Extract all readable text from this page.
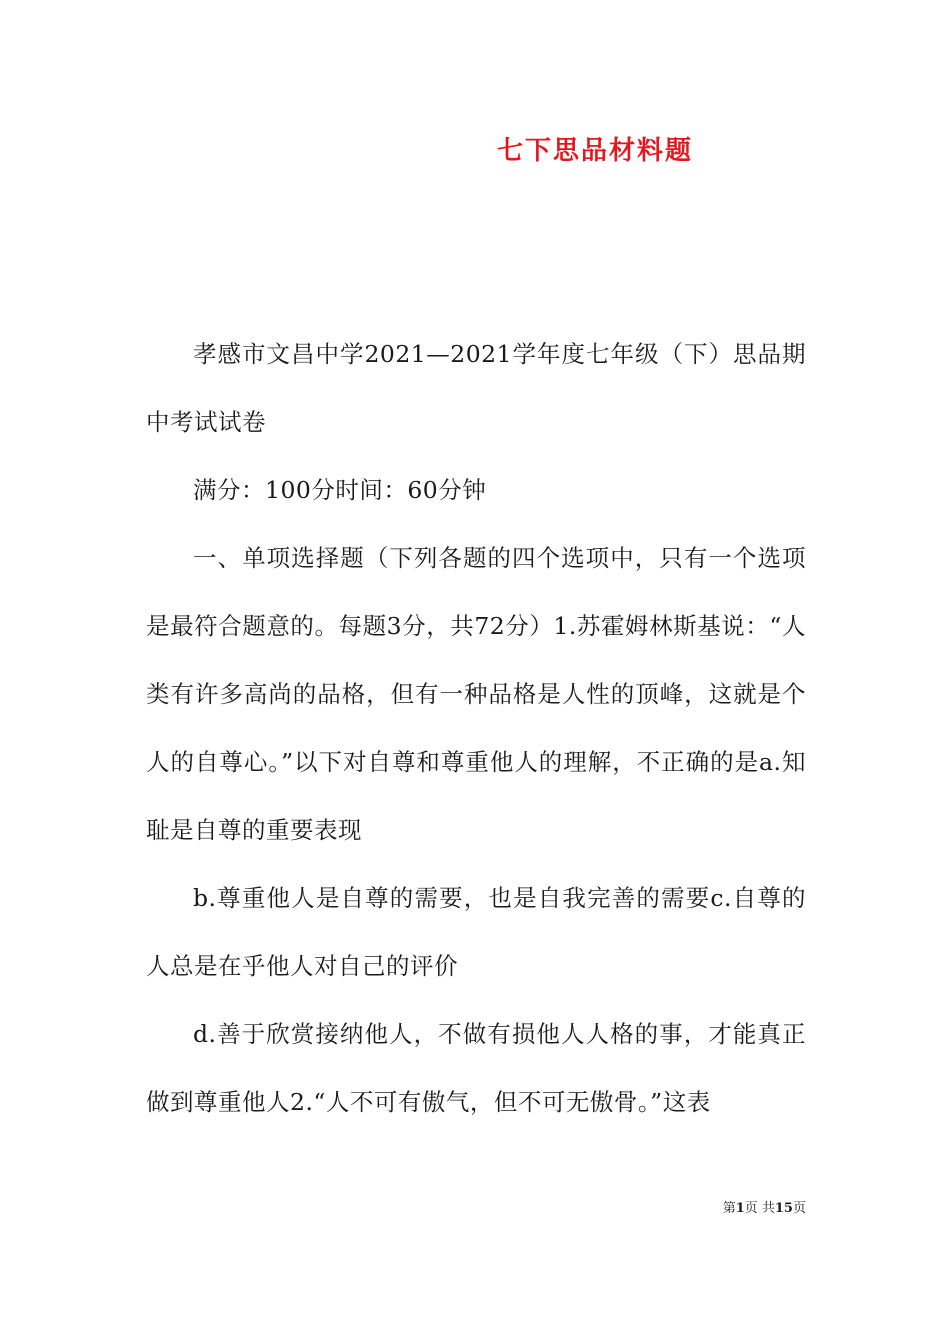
七下思品材料题

孝感市文昌中学2021—2021学年度七年级（下）思品期中考试试卷

满分：100分时间：60分钟

一、单项选择题（下列各题的四个选项中，只有一个选项是最符合题意的。每题3分，共72分）1.苏霍姆林斯基说：“人类有许多高尚的品格，但有一种品格是人性的顶峰，这就是个人的自尊心。”以下对自尊和尊重他人的理解，不正确的是a.知耻是自尊的重要表现

b.尊重他人是自尊的需要，也是自我完善的需要c.自尊的人总是在乎他人对自己的评价

d.善于欣赏接纳他人，不做有损他人人格的事，才能真正做到尊重他人2.“人不可有傲气，但不可无傲骨。”这表

第1页 共15页
